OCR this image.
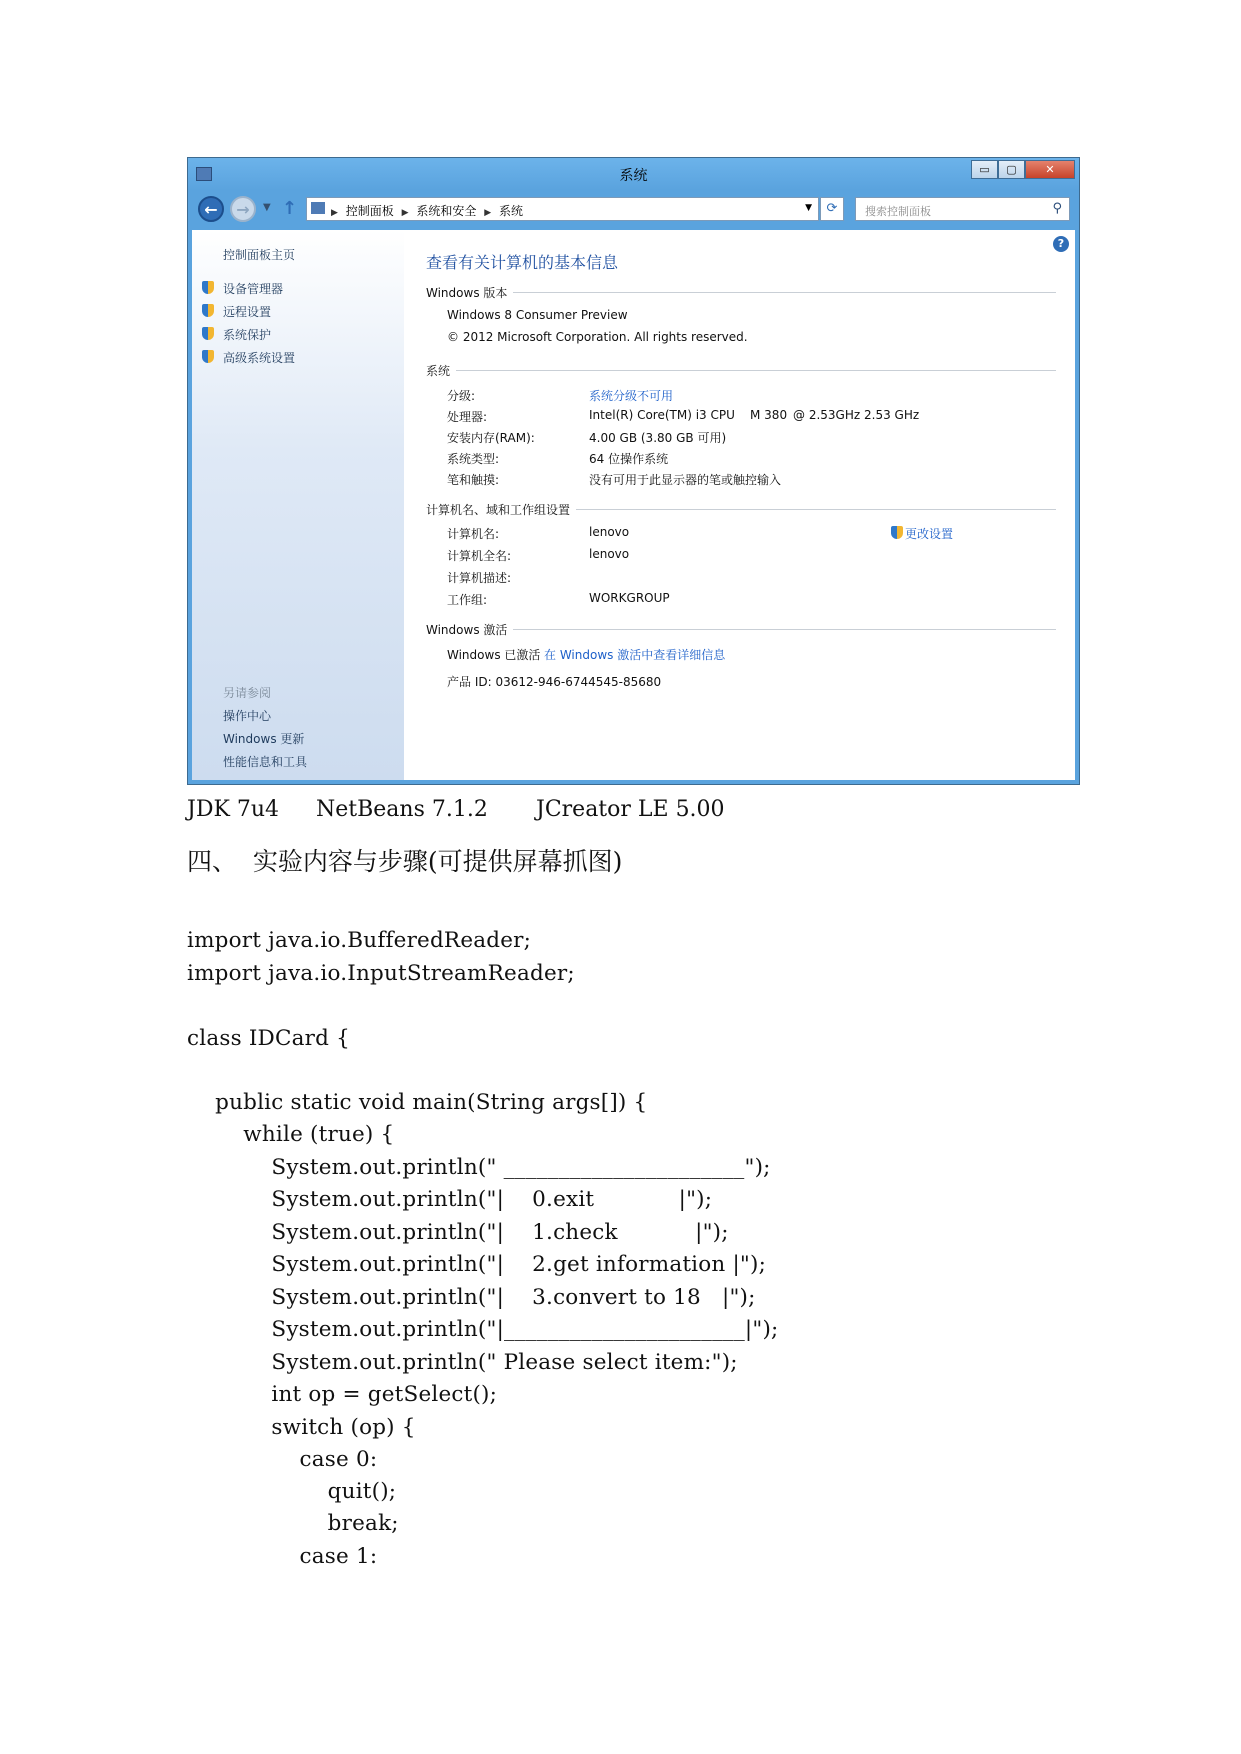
系统	▭	▢	✕
←	→	▼ ↑	▶ 控制面板 ▶ 系统和安全 ▶ 系统	▼	⟳	搜索控制面板	⚲
控制面板主页
设备管理器
远程设置
系统保护
高级系统设置
另请参阅
操作中心
Windows 更新
性能信息和工具
?
查看有关计算机的基本信息
Windows 版本
Windows 8 Consumer Preview
© 2012 Microsoft Corporation. All rights reserved.
系统
分级:	系统分级不可用
处理器:	Intel(R) Core(TM) i3 CPU M 380 @ 2.53GHz 2.53 GHz
安装内存(RAM):	4.00 GB (3.80 GB 可用)
系统类型:	64 位操作系统
笔和触摸:	没有可用于此显示器的笔或触控输入
计算机名、域和工作组设置
计算机名:	lenovo	更改设置
计算机全名:	lenovo
计算机描述:
工作组:	WORKGROUP
Windows 激活
Windows 已激活 在 Windows 激活中查看详细信息
产品 ID: 03612-946-6744545-85680
JDK 7u4 NetBeans 7.1.2 JCreator LE 5.00
四、  实验内容与步骤(可提供屏幕抓图)
import java.io.BufferedReader;
import java.io.InputStreamReader;
class IDCard {
public static void main(String args[]) {
while (true) {
System.out.println(" ______________________");
System.out.println("|    0.exit            |");
System.out.println("|    1.check           |");
System.out.println("|    2.get information |");
System.out.println("|    3.convert to 18   |");
System.out.println("|______________________|");
System.out.println(" Please select item:");
int op = getSelect();
switch (op) {
case 0:
quit();
break;
case 1:
